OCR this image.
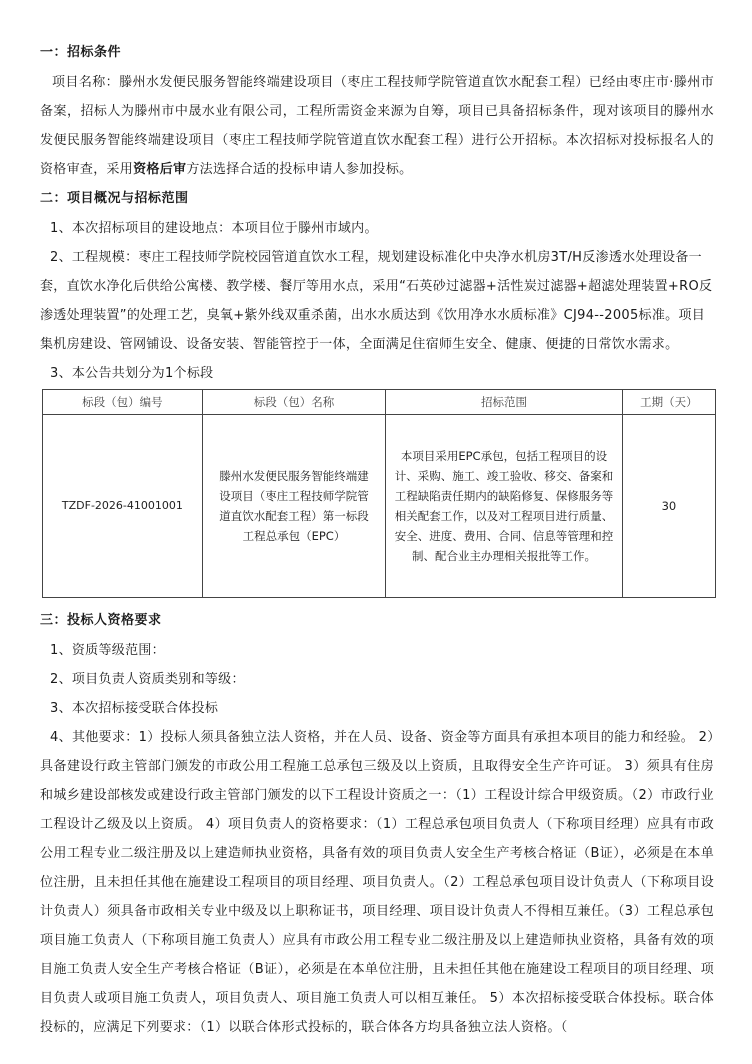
一：招标条件
项目名称：滕州水发便民服务智能终端建设项目（枣庄工程技师学院管道直饮水配套工程）已经由枣庄市·滕州市备案，招标人为滕州市中晟水业有限公司，工程所需资金来源为自筹，项目已具备招标条件，现对该项目的滕州水发便民服务智能终端建设项目（枣庄工程技师学院管道直饮水配套工程）进行公开招标。本次招标对投标报名人的资格审查，采用资格后审方法选择合适的投标申请人参加投标。
二：项目概况与招标范围
1、本次招标项目的建设地点：本项目位于滕州市域内。
2、工程规模：枣庄工程技师学院校园管道直饮水工程，规划建设标准化中央净水机房3T/H反渗透水处理设备一套，直饮水净化后供给公寓楼、教学楼、餐厅等用水点，采用“石英砂过滤器+活性炭过滤器+超滤处理装置+RO反渗透处理装置”的处理工艺，臭氧+紫外线双重杀菌，出水水质达到《饮用净水水质标准》CJ94--2005标准。项目集机房建设、管网铺设、设备安装、智能管控于一体，全面满足住宿师生安全、健康、便捷的日常饮水需求。
3、本公告共划分为1个标段
标段（包）编号	标段（包）名称	招标范围	工期（天）
TZDF-2026-41001001	滕州水发便民服务智能终端建设项目（枣庄工程技师学院管道直饮水配套工程）第一标段工程总承包（EPC）	本项目采用EPC承包，包括工程项目的设计、采购、施工、竣工验收、移交、备案和工程缺陷责任期内的缺陷修复、保修服务等相关配套工作，以及对工程项目进行质量、安全、进度、费用、合同、信息等管理和控制、配合业主办理相关报批等工作。	30
三：投标人资格要求
1、资质等级范围：
2、项目负责人资质类别和等级：
3、本次招标接受联合体投标
4、其他要求：1）投标人须具备独立法人资格，并在人员、设备、资金等方面具有承担本项目的能力和经验。 2）具备建设行政主管部门颁发的市政公用工程施工总承包三级及以上资质，且取得安全生产许可证。 3）须具有住房和城乡建设部核发或建设行政主管部门颁发的以下工程设计资质之一：（1）工程设计综合甲级资质。（2）市政行业工程设计乙级及以上资质。 4）项目负责人的资格要求：（1）工程总承包项目负责人（下称项目经理）应具有市政公用工程专业二级注册及以上建造师执业资格，具备有效的项目负责人安全生产考核合格证（B证），必须是在本单位注册，且未担任其他在施建设工程项目的项目经理、项目负责人。（2）工程总承包项目设计负责人（下称项目设计负责人）须具备市政相关专业中级及以上职称证书，项目经理、项目设计负责人不得相互兼任。（3）工程总承包项目施工负责人（下称项目施工负责人）应具有市政公用工程专业二级注册及以上建造师执业资格，具备有效的项目施工负责人安全生产考核合格证（B证），必须是在本单位注册，且未担任其他在施建设工程项目的项目经理、项目负责人或项目施工负责人，项目负责人、项目施工负责人可以相互兼任。 5）本次招标接受联合体投标。联合体投标的，应满足下列要求：（1）以联合体形式投标的，联合体各方均具备独立法人资格。（
